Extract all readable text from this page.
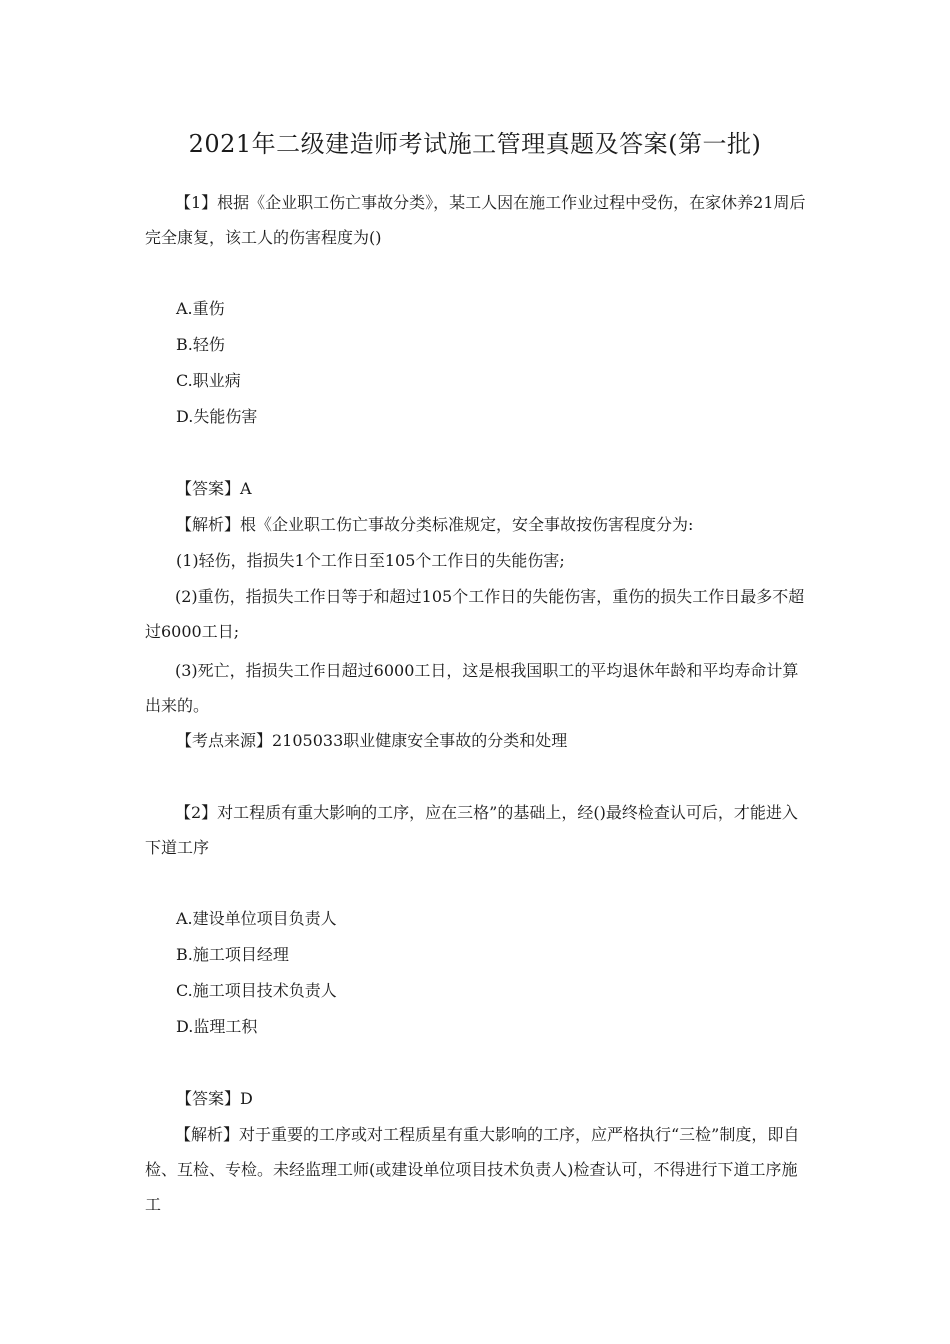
2021年二级建造师考试施工管理真题及答案(第一批)

【1】根据《企业职工伤亡事故分类》，某工人因在施工作业过程中受伤，在家休养21周后完全康复，该工人的伤害程度为()

A.重伤
B.轻伤
C.职业病
D.失能伤害
【答案】A
【解析】根《企业职工伤亡事故分类标准规定，安全事故按伤害程度分为:
(1)轻伤，指损失1个工作日至105个工作日的失能伤害;

(2)重伤，指损失工作日等于和超过105个工作日的失能伤害，重伤的损失工作日最多不超过6000工日;

(3)死亡，指损失工作日超过6000工日，这是根我国职工的平均退休年龄和平均寿命计算出来的。

【考点来源】2105033职业健康安全事故的分类和处理

【2】对工程质有重大影响的工序，应在三格”的基础上，经()最终检查认可后，才能进入下道工序

A.建设单位项目负责人
B.施工项目经理
C.施工项目技术负责人
D.监理工积
【答案】D

【解析】对于重要的工序或对工程质星有重大影响的工序，应严格执行“三检”制度，即自检、互检、专检。未经监理工师(或建设单位项目技术负责人)检查认可，不得进行下道工序施工
